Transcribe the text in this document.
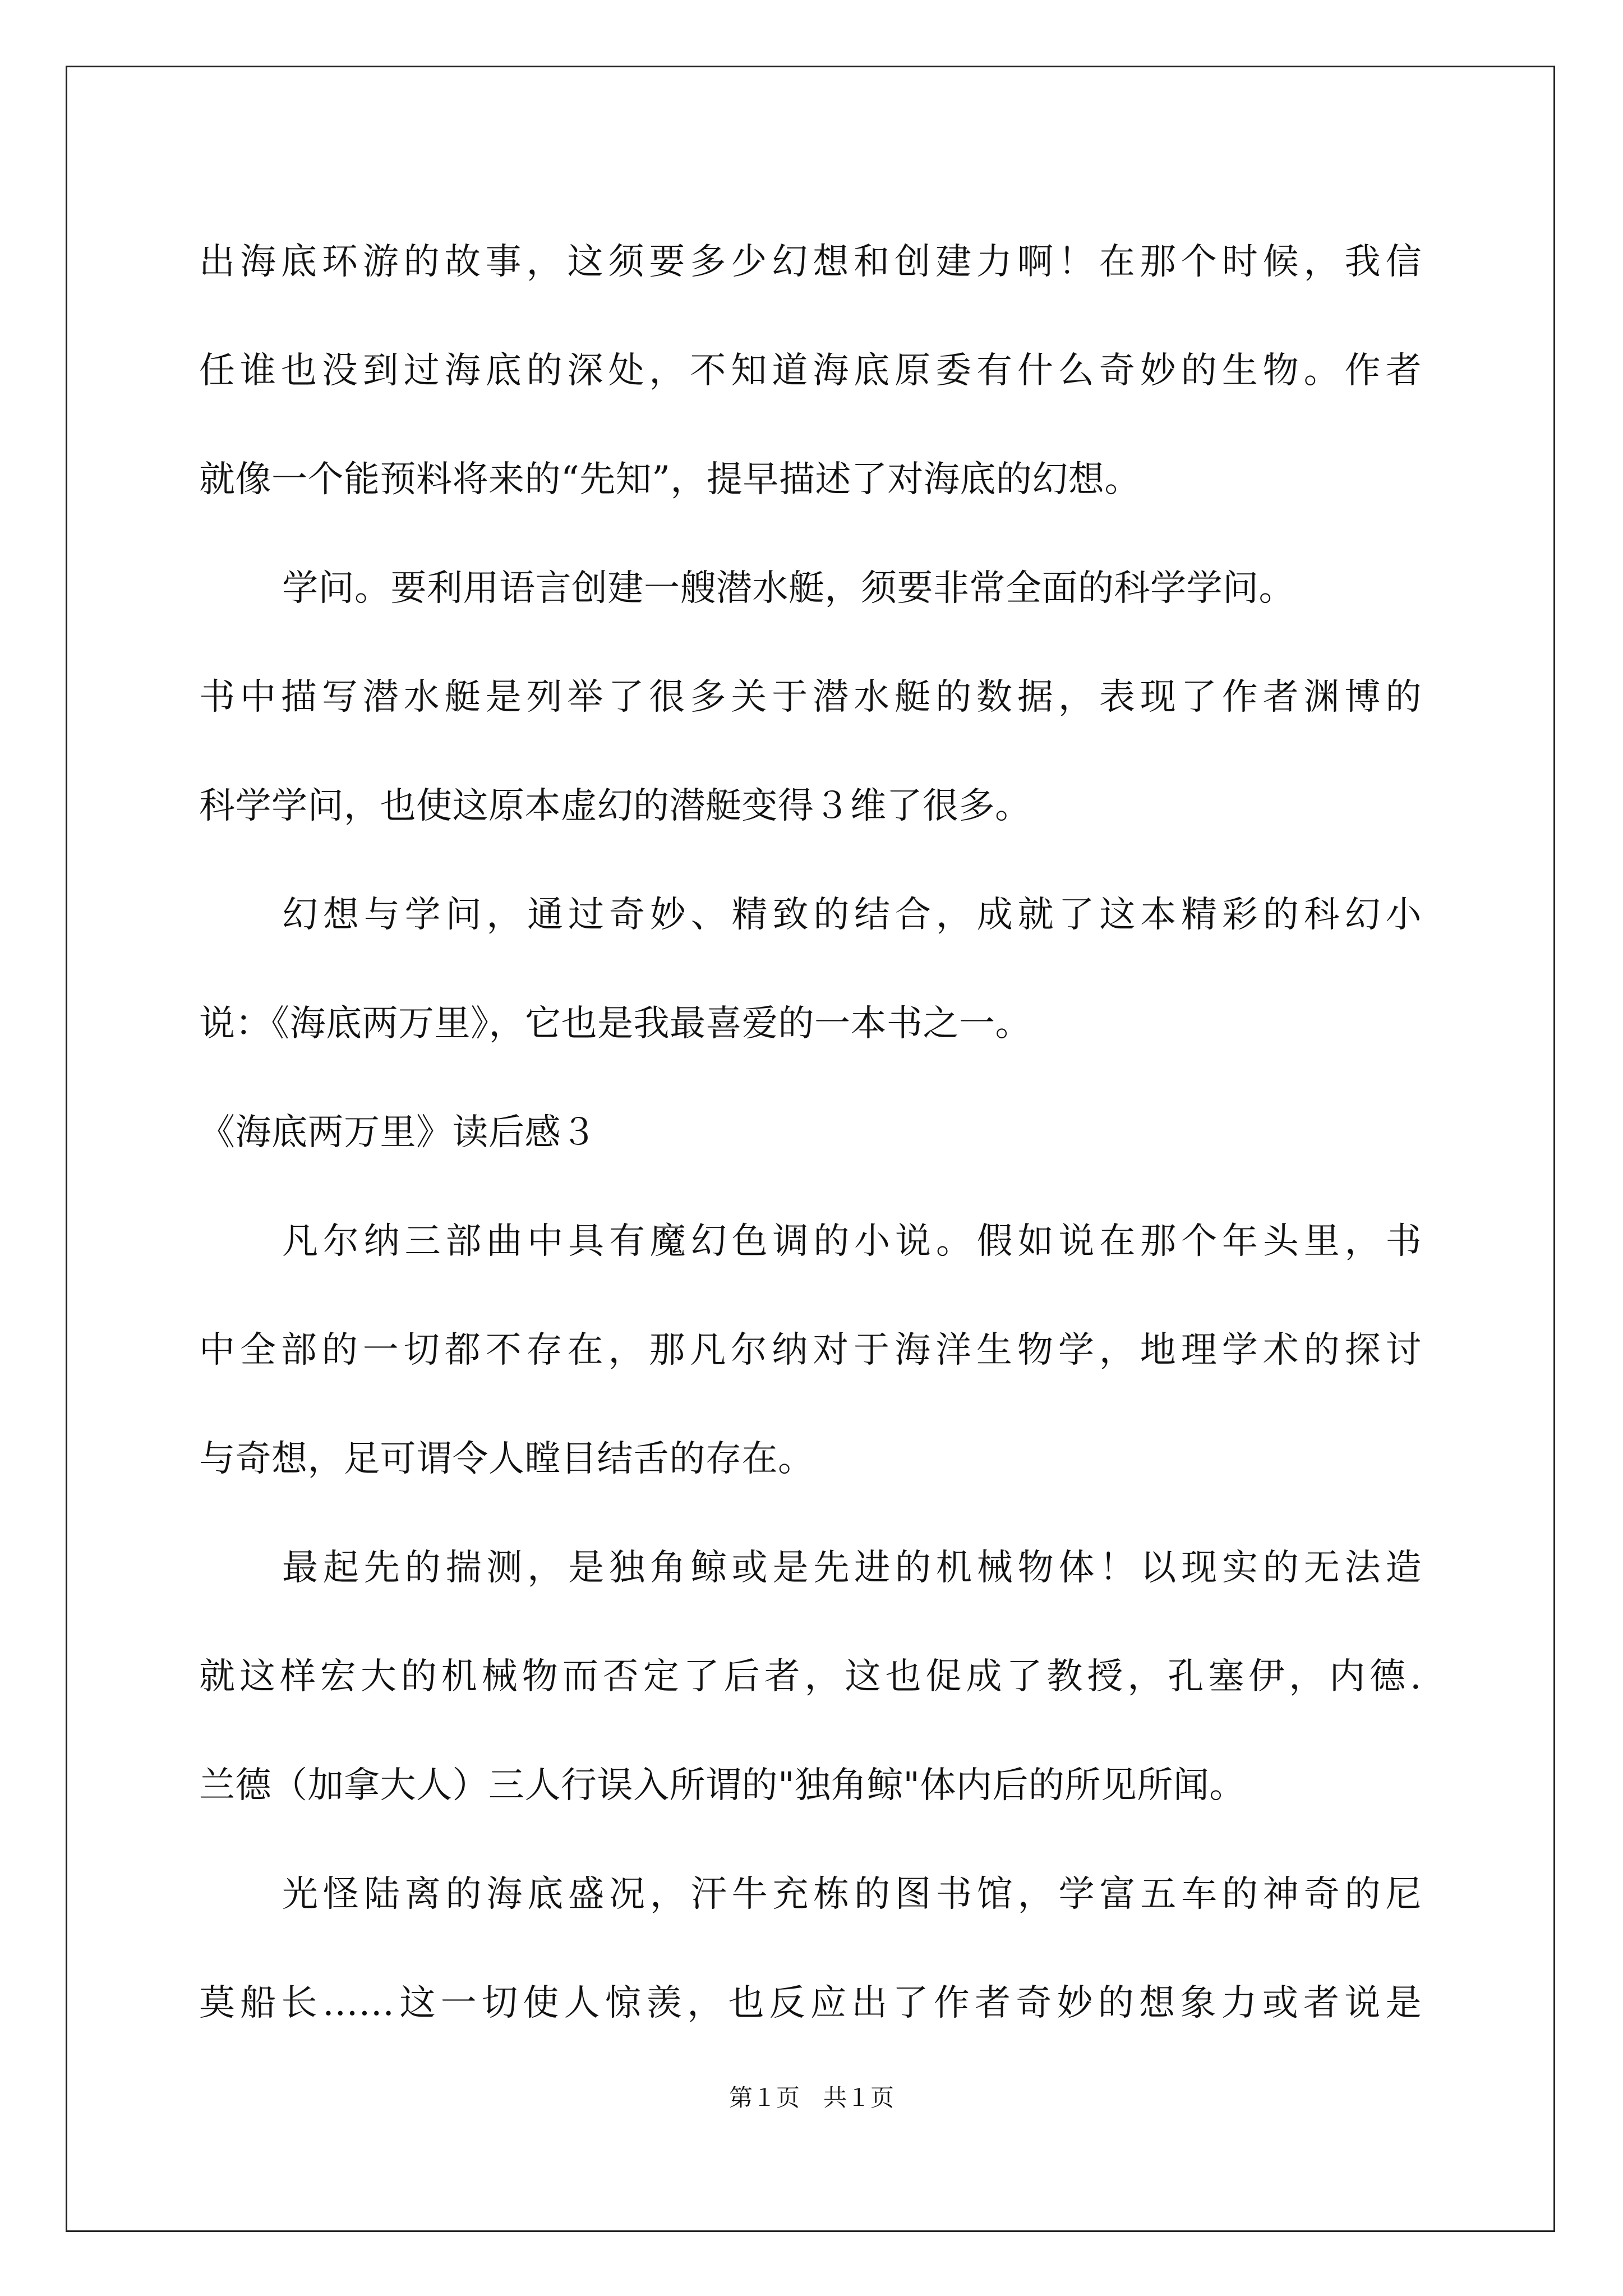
出海底环游的故事，这须要多少幻想和创建力啊！在那个时候，我信
任谁也没到过海底的深处，不知道海底原委有什么奇妙的生物。作者
就像一个能预料将来的“先知”，提早描述了对海底的幻想。
学问。要利用语言创建一艘潜水艇，须要非常全面的科学学问。
书中描写潜水艇是列举了很多关于潜水艇的数据，表现了作者渊博的
科学学问，也使这原本虚幻的潜艇变得３维了很多。
幻想与学问，通过奇妙、精致的结合，成就了这本精彩的科幻小
说：《海底两万里》，它也是我最喜爱的一本书之一。
《海底两万里》读后感３
凡尔纳三部曲中具有魔幻色调的小说。假如说在那个年头里，书
中全部的一切都不存在，那凡尔纳对于海洋生物学，地理学术的探讨
与奇想，足可谓令人瞠目结舌的存在。
最起先的揣测，是独角鲸或是先进的机械物体！以现实的无法造
就这样宏大的机械物而否定了后者，这也促成了教授，孔塞伊，内德.
兰德（加拿大人）三人行误入所谓的"独角鲸"体内后的所见所闻。
光怪陆离的海底盛况，汗牛充栋的图书馆，学富五车的神奇的尼
莫船长……这一切使人惊羡，也反应出了作者奇妙的想象力或者说是
第１页　共１页
